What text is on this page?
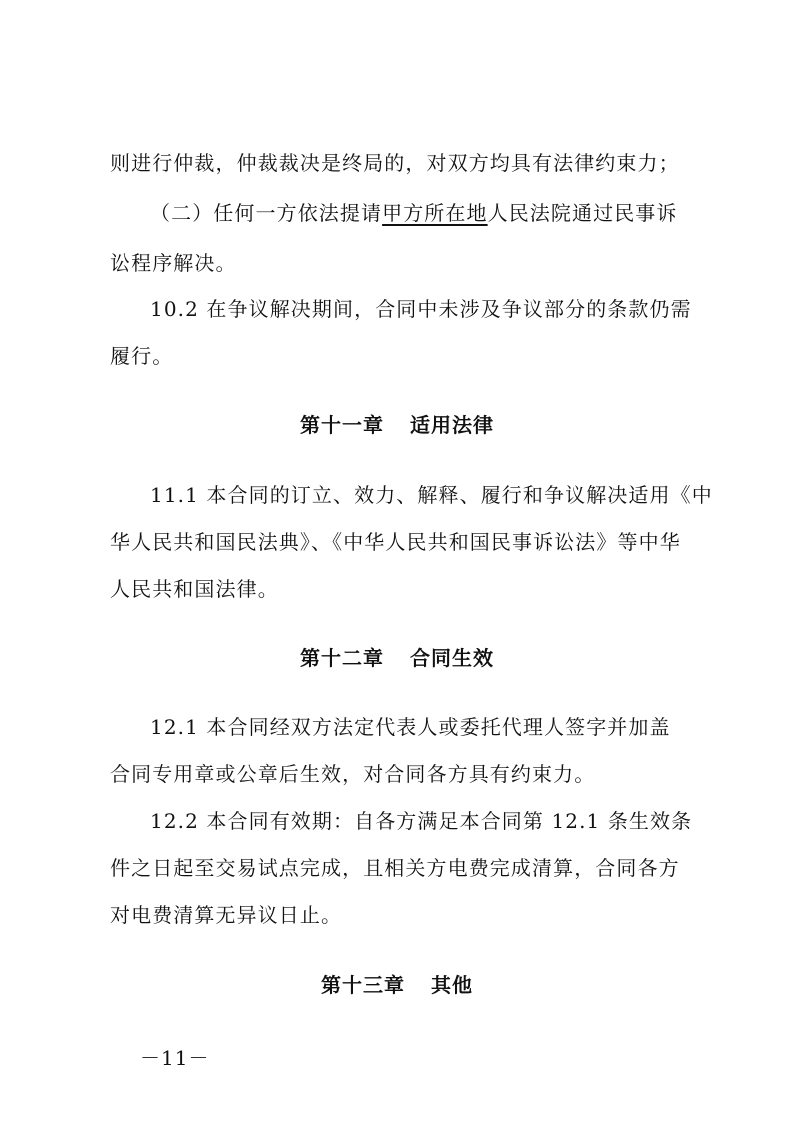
则进行仲裁，仲裁裁决是终局的，对双方均具有法律约束力；
（二）任何一方依法提请甲方所在地人民法院通过民事诉
讼程序解决。
10.2 在争议解决期间，合同中未涉及争议部分的条款仍需
履行。
第十一章 适用法律
11.1 本合同的订立、效力、解释、履行和争议解决适用《中
华人民共和国民法典》、《中华人民共和国民事诉讼法》等中华
人民共和国法律。
第十二章 合同生效
12.1 本合同经双方法定代表人或委托代理人签字并加盖
合同专用章或公章后生效，对合同各方具有约束力。
12.2 本合同有效期：自各方满足本合同第 12.1 条生效条
件之日起至交易试点完成，且相关方电费完成清算，合同各方
对电费清算无异议日止。
第十三章 其他
－11－
